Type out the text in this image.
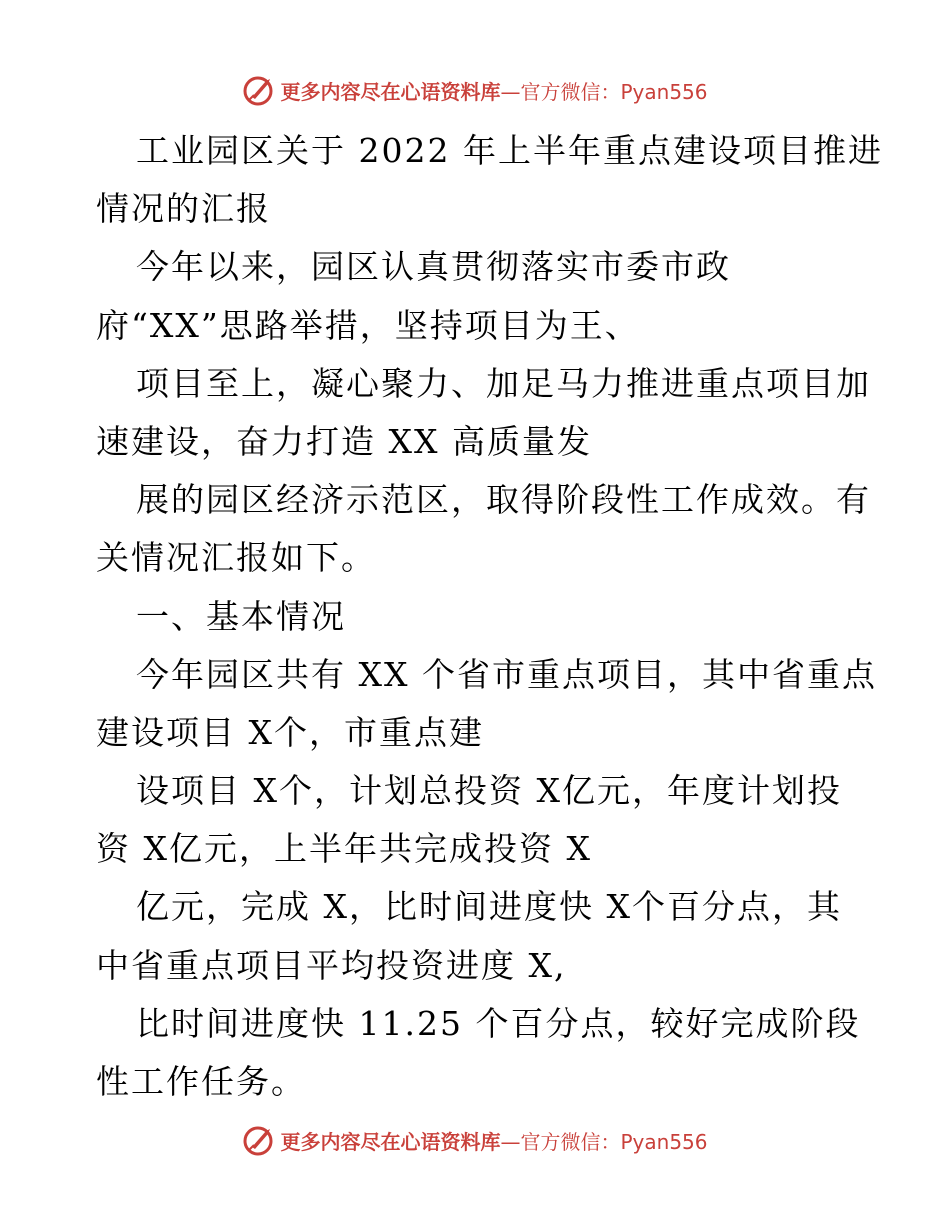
更多内容尽在心语资料库—官方微信：Pyan556
工业园区关于 2022 年上半年重点建设项目推进
情况的汇报
今年以来，园区认真贯彻落实市委市政
府“XX”思路举措，坚持项目为王、
项目至上，凝心聚力、加足马力推进重点项目加
速建设，奋力打造 XX 高质量发
展的园区经济示范区，取得阶段性工作成效。有
关情况汇报如下。
一、基本情况
今年园区共有 XX 个省市重点项目，其中省重点
建设项目 X个，市重点建
设项目 X个，计划总投资 X亿元，年度计划投
资 X亿元，上半年共完成投资 X
亿元，完成 X，比时间进度快 X个百分点，其
中省重点项目平均投资进度 X,
比时间进度快 11.25 个百分点，较好完成阶段
性工作任务。
更多内容尽在心语资料库—官方微信：Pyan556
